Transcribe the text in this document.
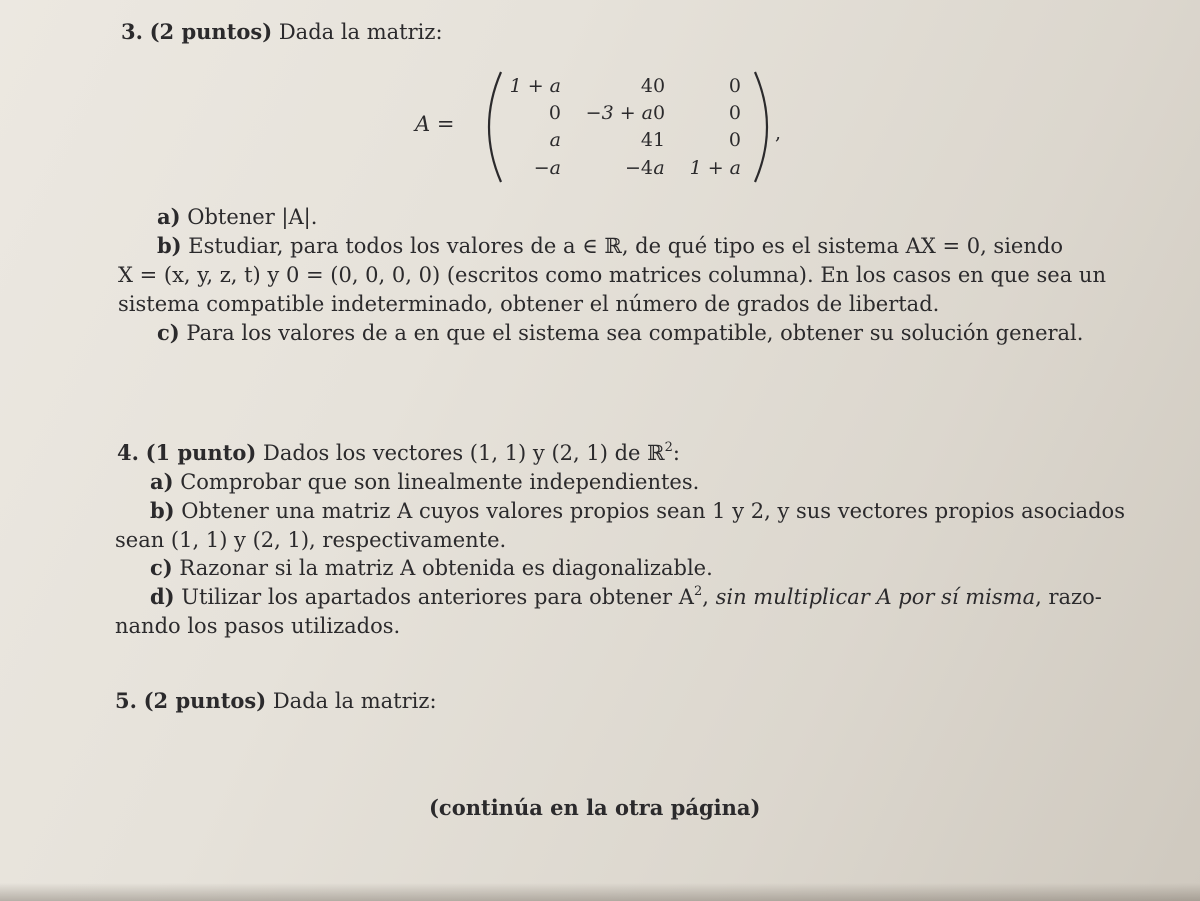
3. (2 puntos) Dada la matriz:

A =
1 + a	4 0	0
0	−3 + a 0	0
a	4 1	0
−a	−4 a	1 + a
,

a) Obtener |A|.

b) Estudiar, para todos los valores de a ∈ ℝ, de qué tipo es el sistema AX = 0, siendo

X = (x, y, z, t) y 0 = (0, 0, 0, 0) (escritos como matrices columna). En los casos en que sea un

sistema compatible indeterminado, obtener el número de grados de libertad.

c) Para los valores de a en que el sistema sea compatible, obtener su solución general.

4. (1 punto) Dados los vectores (1, 1) y (2, 1) de ℝ$^2$:

a) Comprobar que son linealmente independientes.

b) Obtener una matriz A cuyos valores propios sean 1 y 2, y sus vectores propios asociados

sean (1, 1) y (2, 1), respectivamente.

c) Razonar si la matriz A obtenida es diagonalizable.

d) Utilizar los apartados anteriores para obtener $A^2$, sin multiplicar A por sí misma, razo-

nando los pasos utilizados.

5. (2 puntos) Dada la matriz:

(continúa en la otra página)
